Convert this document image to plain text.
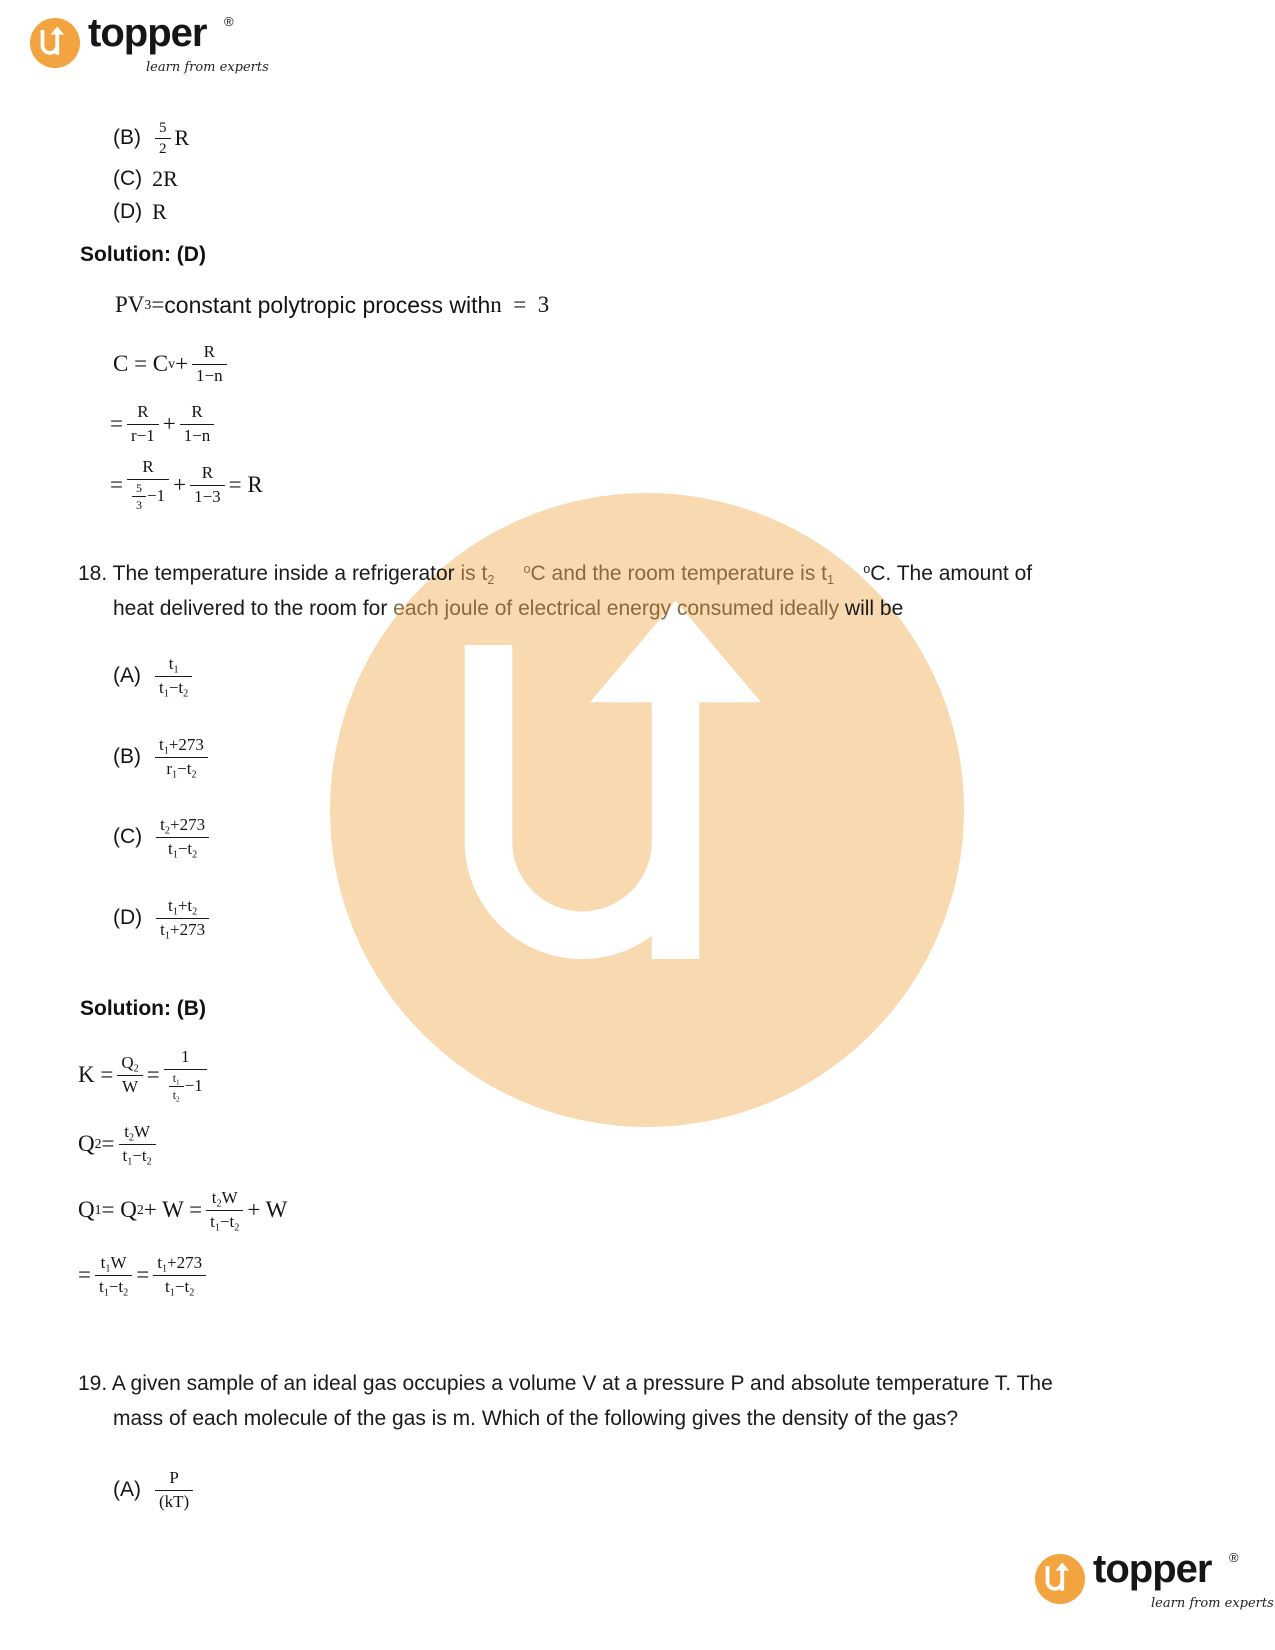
topper ®
learn from experts
$(B) \frac{5}{2}$ R
(C) 2R
(D) R
Solution: (D)
PV 3 = constant polytropic process with n  =  3
C = C $v + \frac{R}{1-n}$
= $\frac{R}{r-1} + \frac{R}{1-n}$
= $\frac{R}{\frac{5}{3} -1} + \frac{R}{1-3} = R$
18. The temperature inside a refrigerator is $t_2$     $^o$C and the room temperature is $t_1$     $^o$C. The amount of
heat delivered to the room for each joule of electrical energy consumed ideally will be
$(A) \frac{t_1}{t_1-t_2}$
$(B) \frac{t_1+273}{r_1-t_2}$
$(C) \frac{t_2+273}{t_1-t_2}$
$(D) \frac{t_1+t_2}{t_1+273}$
Solution: (B)
$K = \frac{Q_2}{W} = \frac{1}{\frac{t_1}{t_2} -1}$
Q $2 = \frac{t_2W}{t_1-t_2}$
Q 1 = Q $2 + W = \frac{t_2W}{t_1-t_2} + W$
= $\frac{t_1W}{t_1-t_2} = \frac{t_1+273}{t_1-t_2}$
19. A given sample of an ideal gas occupies a volume V at a pressure P and absolute temperature T. The
mass of each molecule of the gas is m. Which of the following gives the density of the gas?
$(A) \frac{P}{(kT)}$
topper ®
learn from experts
